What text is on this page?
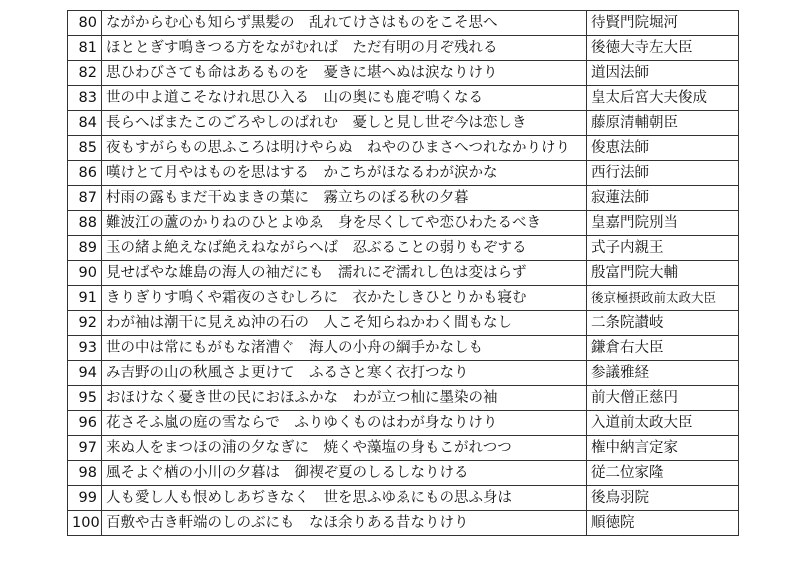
80	ながからむ心も知らず黒髪の　乱れてけさはものをこそ思へ	待賢門院堀河
81	ほととぎす鳴きつる方をながむれば　ただ有明の月ぞ残れる	後徳大寺左大臣
82	思ひわびさても命はあるものを　憂きに堪へぬは涙なりけり	道因法師
83	世の中よ道こそなけれ思ひ入る　山の奥にも鹿ぞ鳴くなる	皇太后宮大夫俊成
84	長らへばまたこのごろやしのばれむ　憂しと見し世ぞ今は恋しき	藤原清輔朝臣
85	夜もすがらもの思ふころは明けやらぬ　ねやのひまさへつれなかりけり	俊恵法師
86	嘆けとて月やはものを思はする　かこちがほなるわが涙かな	西行法師
87	村雨の露もまだ干ぬまきの葉に　霧立ちのぼる秋の夕暮	寂蓮法師
88	難波江の蘆のかりねのひとよゆゑ　身を尽くしてや恋ひわたるべき	皇嘉門院別当
89	玉の緒よ絶えなば絶えねながらへば　忍ぶることの弱りもぞする	式子内親王
90	見せばやな雄島の海人の袖だにも　濡れにぞ濡れし色は変はらず	殷富門院大輔
91	きりぎりす鳴くや霜夜のさむしろに　衣かたしきひとりかも寝む	後京極摂政前太政大臣
92	わが袖は潮干に見えぬ沖の石の　人こそ知らねかわく間もなし	二条院讃岐
93	世の中は常にもがもな渚漕ぐ　海人の小舟の綱手かなしも	鎌倉右大臣
94	み吉野の山の秋風さよ更けて　ふるさと寒く衣打つなり	参議雅経
95	おほけなく憂き世の民におほふかな　わが立つ杣に墨染の袖	前大僧正慈円
96	花さそふ嵐の庭の雪ならで　ふりゆくものはわが身なりけり	入道前太政大臣
97	来ぬ人をまつほの浦の夕なぎに　焼くや藻塩の身もこがれつつ	権中納言定家
98	風そよぐ楢の小川の夕暮は　御禊ぞ夏のしるしなりける	従二位家隆
99	人も愛し人も恨めしあぢきなく　世を思ふゆゑにもの思ふ身は	後鳥羽院
100	百敷や古き軒端のしのぶにも　なほ余りある昔なりけり	順徳院
